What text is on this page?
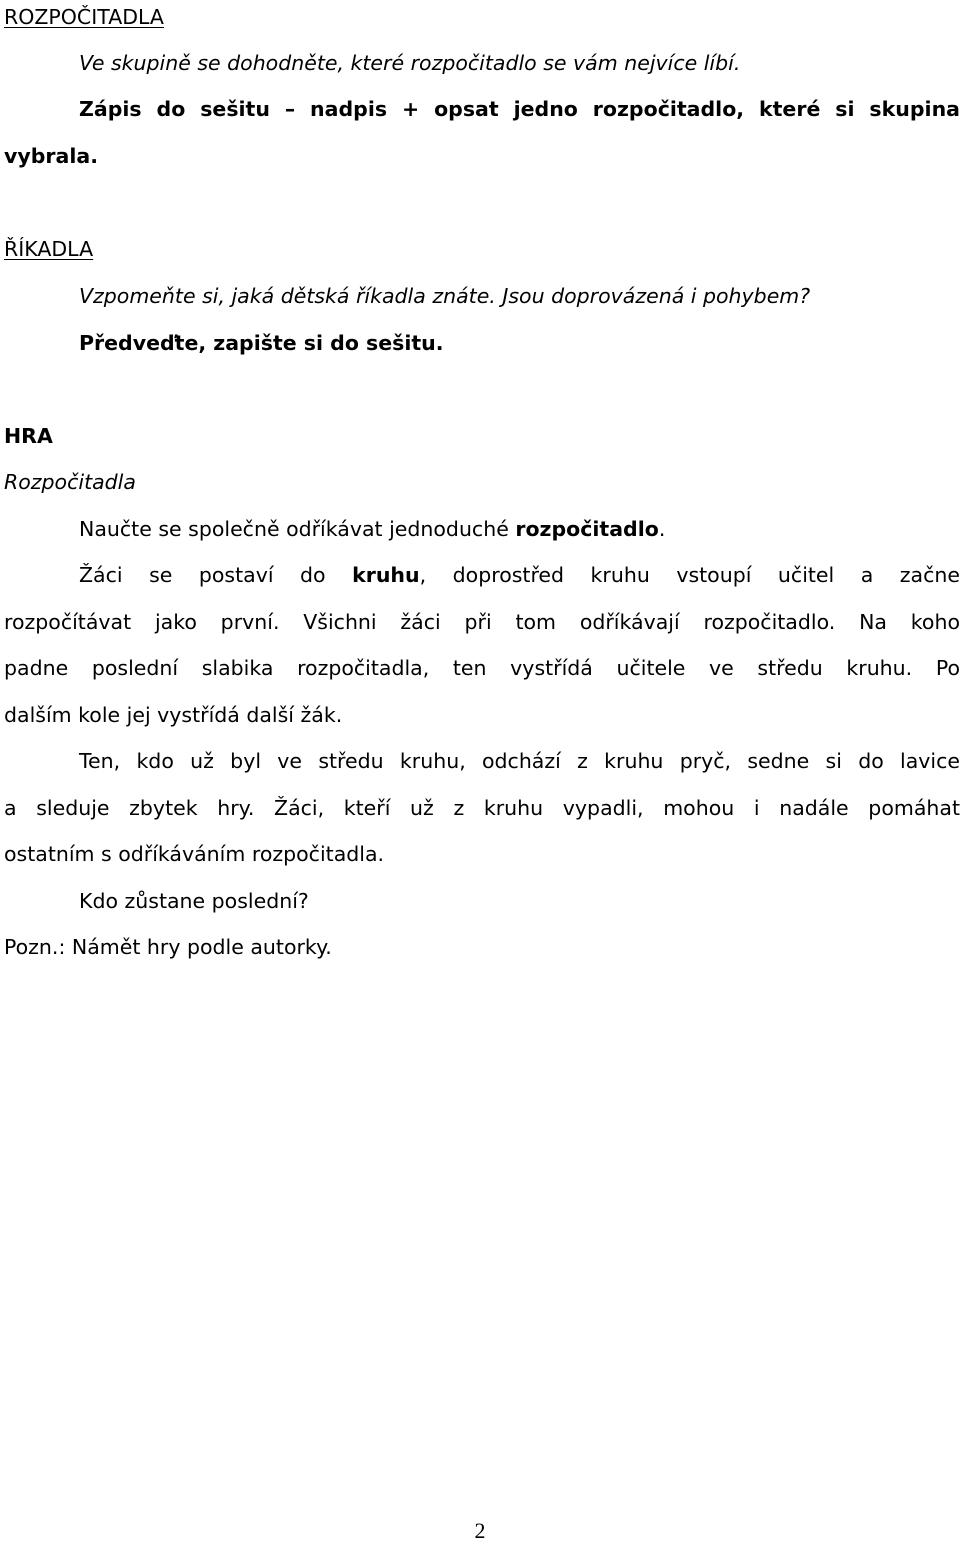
ROZPOČITADLA

Ve skupině se dohodněte, které rozpočitadlo se vám nejvíce líbí.

Zápis do sešitu – nadpis + opsat jedno rozpočitadlo, které si skupina

vybrala.

ŘÍKADLA

Vzpomeňte si, jaká dětská říkadla znáte. Jsou doprovázená i pohybem?

Předveďte, zapište si do sešitu.

HRA

Rozpočitadla

Naučte se společně odříkávat jednoduché rozpočitadlo.

Žáci se postaví do kruhu, doprostřed kruhu vstoupí učitel a začne

rozpočítávat jako první. Všichni žáci při tom odříkávají rozpočitadlo. Na koho

padne poslední slabika rozpočitadla, ten vystřídá učitele ve středu kruhu. Po

dalším kole jej vystřídá další žák.

Ten, kdo už byl ve středu kruhu, odchází z kruhu pryč, sedne si do lavice

a sleduje zbytek hry. Žáci, kteří už z kruhu vypadli, mohou i nadále pomáhat

ostatním s odříkáváním rozpočitadla.

Kdo zůstane poslední?

Pozn.: Námět hry podle autorky.

2
